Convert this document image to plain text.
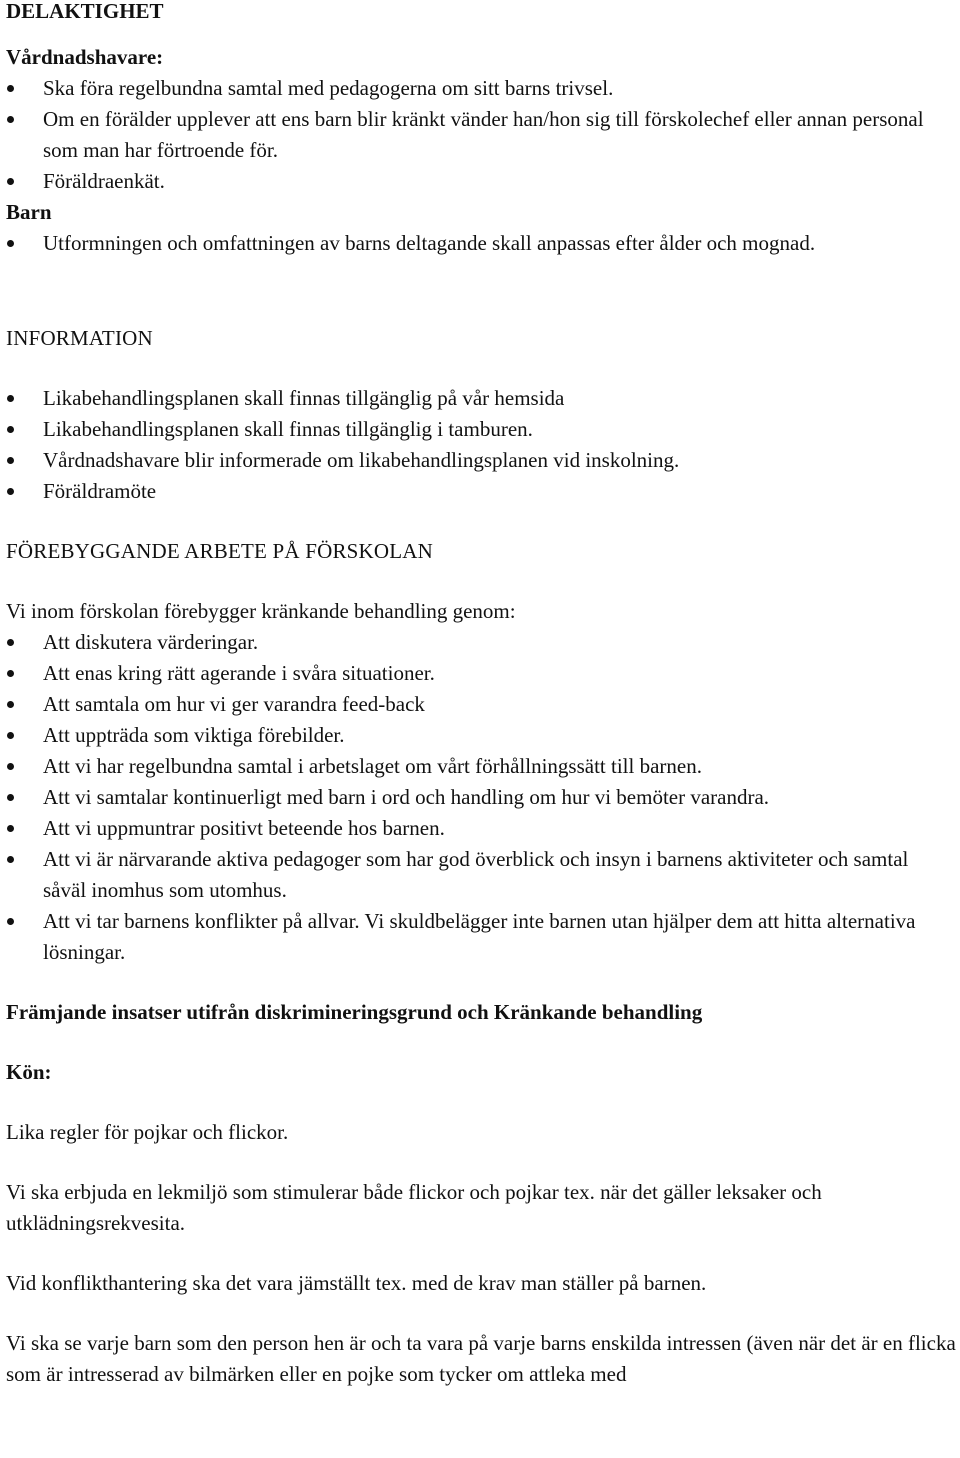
DELAKTIGHET
Vårdnadshavare:
Ska föra regelbundna samtal med pedagogerna om sitt barns trivsel.
Om en förälder upplever att ens barn blir kränkt vänder han/hon sig till förskolechef eller annan personal som man har förtroende för.
Föräldraenkät.
Barn
Utformningen och omfattningen av barns deltagande skall anpassas efter ålder och mognad.
INFORMATION
Likabehandlingsplanen skall finnas tillgänglig på vår hemsida
Likabehandlingsplanen skall finnas tillgänglig i tamburen.
Vårdnadshavare blir informerade om likabehandlingsplanen vid inskolning.
Föräldramöte
FÖREBYGGANDE ARBETE PÅ FÖRSKOLAN

Vi inom förskolan förebygger kränkande behandling genom:

Att diskutera värderingar.
Att enas kring rätt agerande i svåra situationer.
Att samtala om hur vi ger varandra feed-back
Att uppträda som viktiga förebilder.
Att vi har regelbundna samtal i arbetslaget om vårt förhållningssätt till barnen.
Att vi samtalar kontinuerligt med barn i ord och handling om hur vi bemöter varandra.
Att vi uppmuntrar positivt beteende hos barnen.
Att vi är närvarande aktiva pedagoger som har god överblick och insyn i barnens aktiviteter och samtal såväl inomhus som utomhus.
Att vi tar barnens konflikter på allvar. Vi skuldbelägger inte barnen utan hjälper dem att hitta alternativa lösningar.
Främjande insatser utifrån diskrimineringsgrund och Kränkande behandling
Kön:

Lika regler för pojkar och flickor.

Vi ska erbjuda en lekmiljö som stimulerar både flickor och pojkar tex. när det gäller leksaker och utklädningsrekvesita.

Vid konflikthantering ska det vara jämställt tex. med de krav man ställer på barnen.

Vi ska se varje barn som den person hen är och ta vara på varje barns enskilda intressen (även när det är en flicka som är intresserad av bilmärken eller en pojke som tycker om attleka med
